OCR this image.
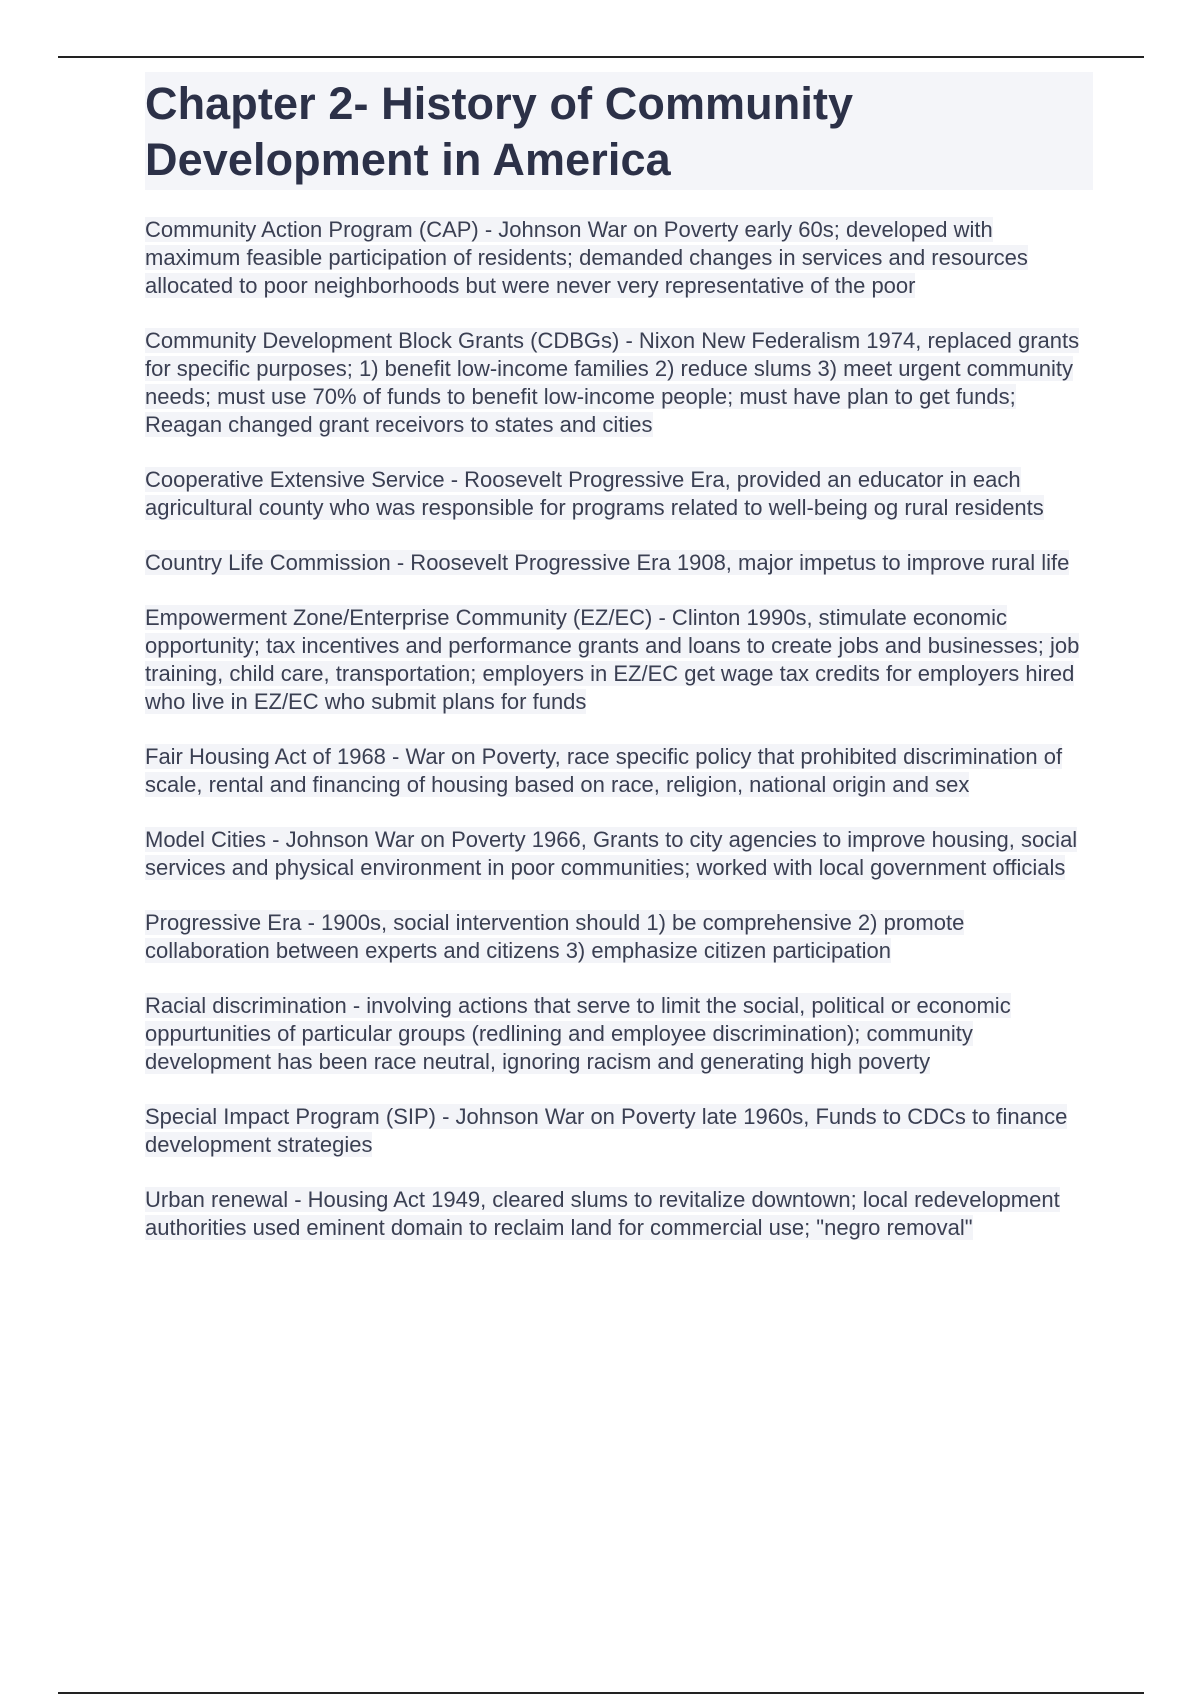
Chapter 2- History of Community Development in America

Community Action Program (CAP) - Johnson War on Poverty early 60s; developed with maximum feasible participation of residents; demanded changes in services and resources allocated to poor neighborhoods but were never very representative of the poor

Community Development Block Grants (CDBGs) - Nixon New Federalism 1974, replaced grants for specific purposes; 1) benefit low-income families 2) reduce slums 3) meet urgent community needs; must use 70% of funds to benefit low-income people; must have plan to get funds; Reagan changed grant receivors to states and cities

Cooperative Extensive Service - Roosevelt Progressive Era, provided an educator in each agricultural county who was responsible for programs related to well-being og rural residents

Country Life Commission - Roosevelt Progressive Era 1908, major impetus to improve rural life

Empowerment Zone/Enterprise Community (EZ/EC) - Clinton 1990s, stimulate economic opportunity; tax incentives and performance grants and loans to create jobs and businesses; job training, child care, transportation; employers in EZ/EC get wage tax credits for employers hired who live in EZ/EC who submit plans for funds

Fair Housing Act of 1968 - War on Poverty, race specific policy that prohibited discrimination of scale, rental and financing of housing based on race, religion, national origin and sex

Model Cities - Johnson War on Poverty 1966, Grants to city agencies to improve housing, social services and physical environment in poor communities; worked with local government officials

Progressive Era - 1900s, social intervention should 1) be comprehensive 2) promote collaboration between experts and citizens 3) emphasize citizen participation

Racial discrimination - involving actions that serve to limit the social, political or economic oppurtunities of particular groups (redlining and employee discrimination); community development has been race neutral, ignoring racism and generating high poverty

Special Impact Program (SIP) - Johnson War on Poverty late 1960s, Funds to CDCs to finance development strategies

Urban renewal - Housing Act 1949, cleared slums to revitalize downtown; local redevelopment authorities used eminent domain to reclaim land for commercial use; "negro removal"
